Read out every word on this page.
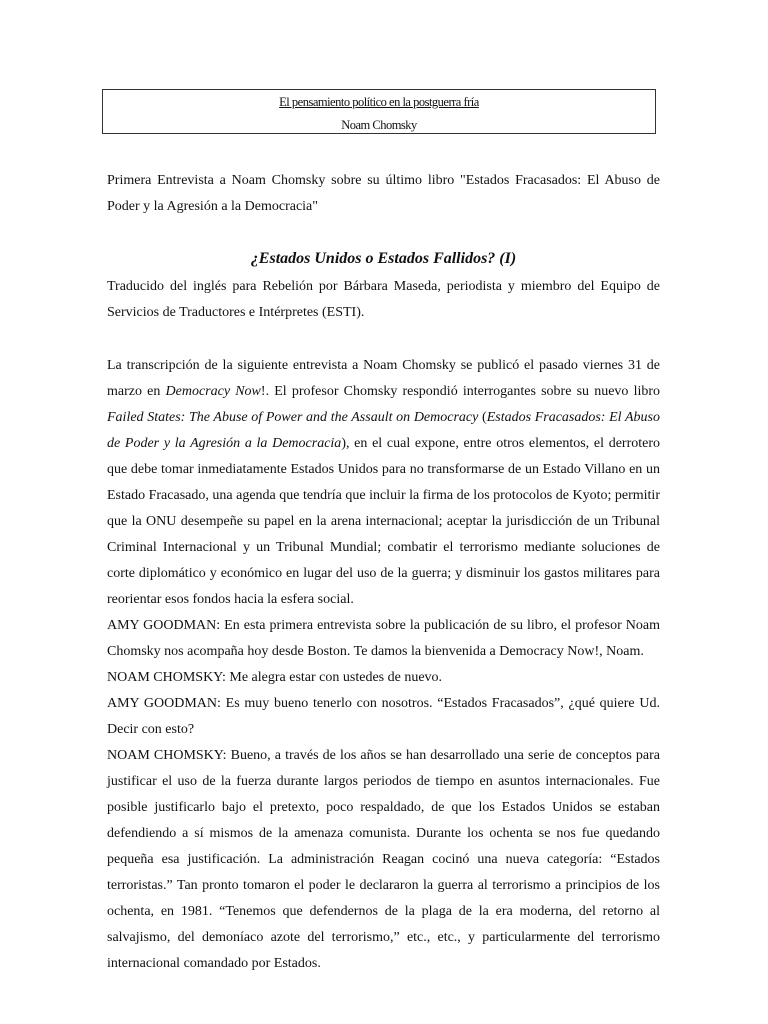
El pensamiento político en la postguerra fría
Noam Chomsky

Primera Entrevista a Noam Chomsky sobre su último libro "Estados Fracasados: El Abuso de Poder y la Agresión a la Democracia"

¿Estados Unidos o Estados Fallidos? (I)

Traducido del inglés para Rebelión por Bárbara Maseda, periodista y miembro del Equipo de Servicios de Traductores e Intérpretes (ESTI).

La transcripción de la siguiente entrevista a Noam Chomsky se publicó el pasado viernes 31 de marzo en Democracy Now!. El profesor Chomsky respondió interrogantes sobre su nuevo libro Failed States: The Abuse of Power and the Assault on Democracy (Estados Fracasados: El Abuso de Poder y la Agresión a la Democracia), en el cual expone, entre otros elementos, el derrotero que debe tomar inmediatamente Estados Unidos para no transformarse de un Estado Villano en un Estado Fracasado, una agenda que tendría que incluir la firma de los protocolos de Kyoto; permitir que la ONU desempeñe su papel en la arena internacional; aceptar la jurisdicción de un Tribunal Criminal Internacional y un Tribunal Mundial; combatir el terrorismo mediante soluciones de corte diplomático y económico en lugar del uso de la guerra; y disminuir los gastos militares para reorientar esos fondos hacia la esfera social.

AMY GOODMAN: En esta primera entrevista sobre la publicación de su libro, el profesor Noam Chomsky nos acompaña hoy desde Boston. Te damos la bienvenida a Democracy Now!, Noam.

NOAM CHOMSKY: Me alegra estar con ustedes de nuevo.

AMY GOODMAN: Es muy bueno tenerlo con nosotros. “Estados Fracasados”, ¿qué quiere Ud. Decir con esto?

NOAM CHOMSKY: Bueno, a través de los años se han desarrollado una serie de conceptos para justificar el uso de la fuerza durante largos periodos de tiempo en asuntos internacionales. Fue posible justificarlo bajo el pretexto, poco respaldado, de que los Estados Unidos se estaban defendiendo a sí mismos de la amenaza comunista. Durante los ochenta se nos fue quedando pequeña esa justificación. La administración Reagan cocinó una nueva categoría: “Estados terroristas.” Tan pronto tomaron el poder le declararon la guerra al terrorismo a principios de los ochenta, en 1981. “Tenemos que defendernos de la plaga de la era moderna, del retorno al salvajismo, del demoníaco azote del terrorismo,” etc., etc., y particularmente del terrorismo internacional comandado por Estados.
